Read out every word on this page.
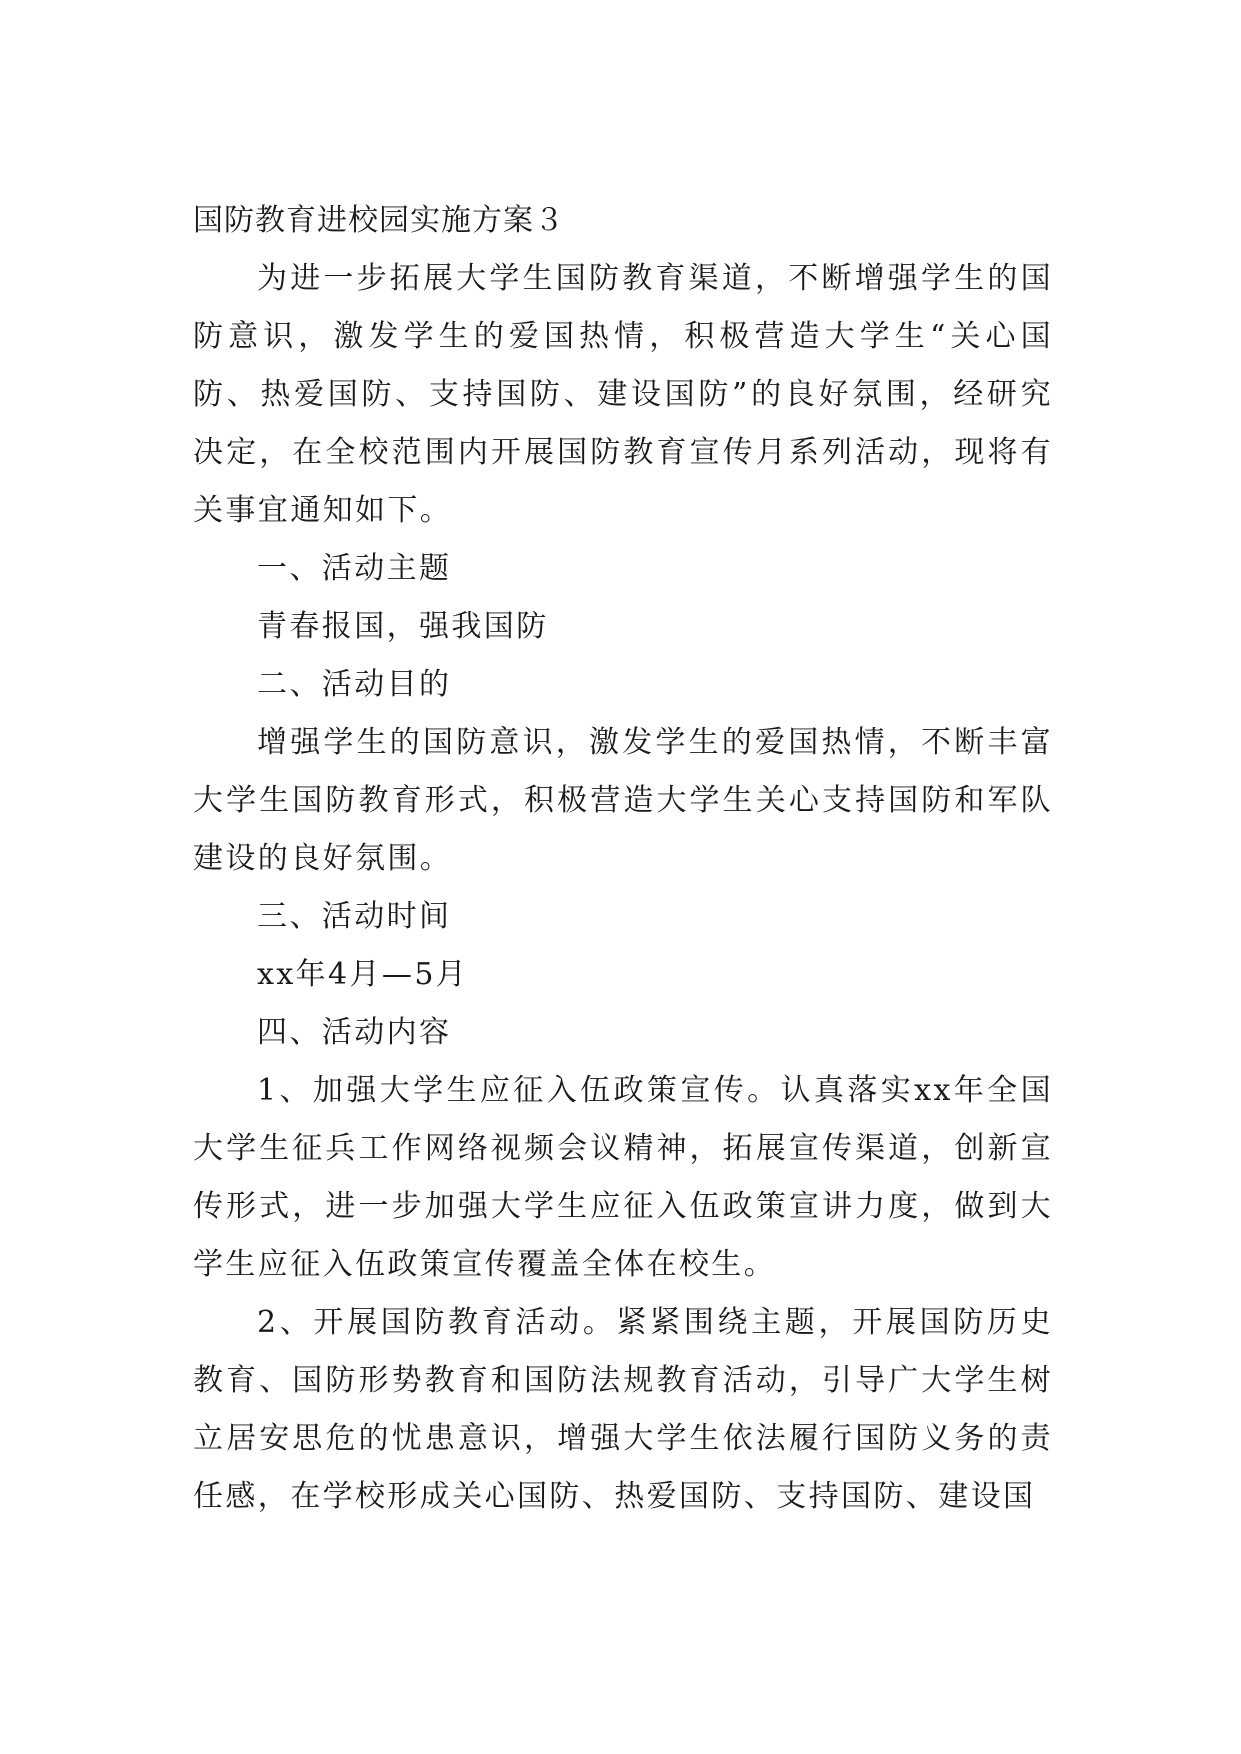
国防教育进校园实施方案３

为进一步拓展大学生国防教育渠道，不断增强学生的国防意识，激发学生的爱国热情，积极营造大学生“关心国防、热爱国防、支持国防、建设国防”的良好氛围，经研究决定，在全校范围内开展国防教育宣传月系列活动，现将有关事宜通知如下。

一、活动主题

青春报国，强我国防

二、活动目的

增强学生的国防意识，激发学生的爱国热情，不断丰富大学生国防教育形式，积极营造大学生关心支持国防和军队建设的良好氛围。

三、活动时间

xx年4月—5月

四、活动内容

1、加强大学生应征入伍政策宣传。认真落实xx年全国大学生征兵工作网络视频会议精神，拓展宣传渠道，创新宣传形式，进一步加强大学生应征入伍政策宣讲力度，做到大学生应征入伍政策宣传覆盖全体在校生。

2、开展国防教育活动。紧紧围绕主题，开展国防历史教育、国防形势教育和国防法规教育活动，引导广大学生树立居安思危的忧患意识，增强大学生依法履行国防义务的责任感，在学校形成关心国防、热爱国防、支持国防、建设国
